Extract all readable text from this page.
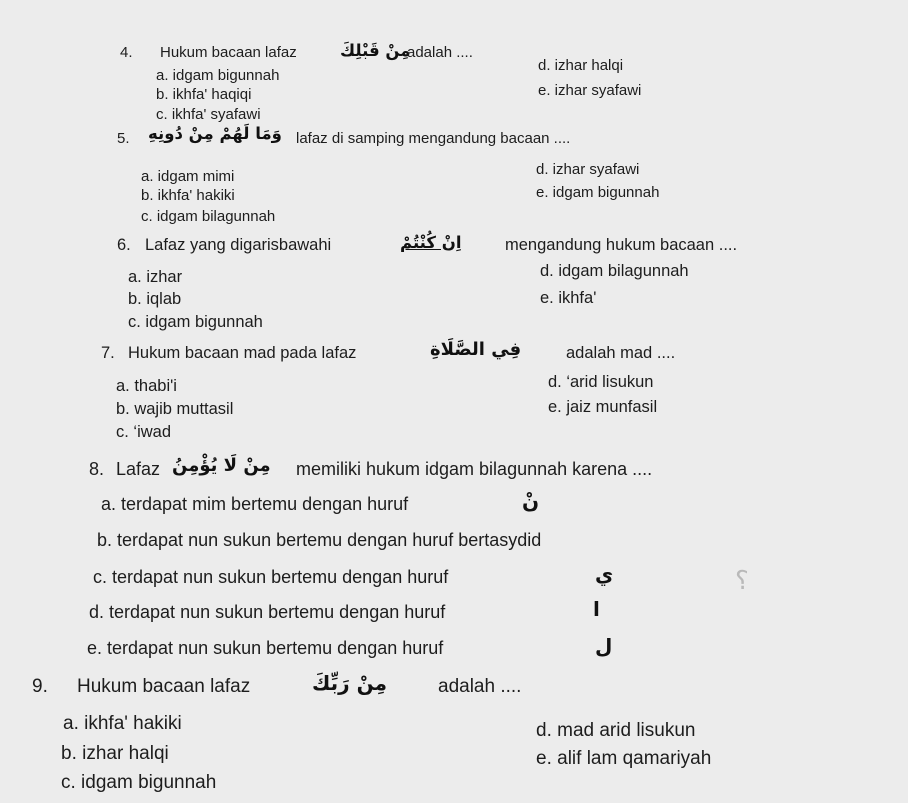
⸮
4. Hukum bacaan lafaz	مِنْ قَبْلِكَ
adalah ....
a. idgam bigunnah
b. ikhfa' haqiqi
c. ikhfa' syafawi
d. izhar halqi
e. izhar syafawi
5. وَمَا لَهُمْ مِنْ دُونِهِ lafaz di samping mengandung bacaan ....
a. idgam mimi
b. ikhfa' hakiki
c. idgam bilagunnah
d. izhar syafawi
e. idgam bigunnah
6. Lafaz yang digarisbawahi	اِنْ كُنْتُمْ	mengandung hukum bacaan ....
a. izhar
b. iqlab
c. idgam bigunnah
d. idgam bilagunnah
e. ikhfa'
7. Hukum bacaan mad pada lafaz	فِي الصَّلَاةِ	adalah mad ....
a. thabi'i
b. wajib muttasil
c. ‘iwad
d. ‘arid lisukun
e. jaiz munfasil
8. Lafaz مِنْ لَا يُؤْمِنُ memiliki hukum idgam bilagunnah karena ....
a. terdapat mim bertemu dengan huruf	نْ
b. terdapat nun sukun bertemu dengan huruf bertasydid
c. terdapat nun sukun bertemu dengan huruf	ي
d. terdapat nun sukun bertemu dengan huruf	ا
e. terdapat nun sukun bertemu dengan huruf	ل
9. Hukum bacaan lafaz	مِنْ رَبِّكَ	adalah ....
a. ikhfa' hakiki
b. izhar halqi
c. idgam bigunnah
d. mad arid lisukun
e. alif lam qamariyah
